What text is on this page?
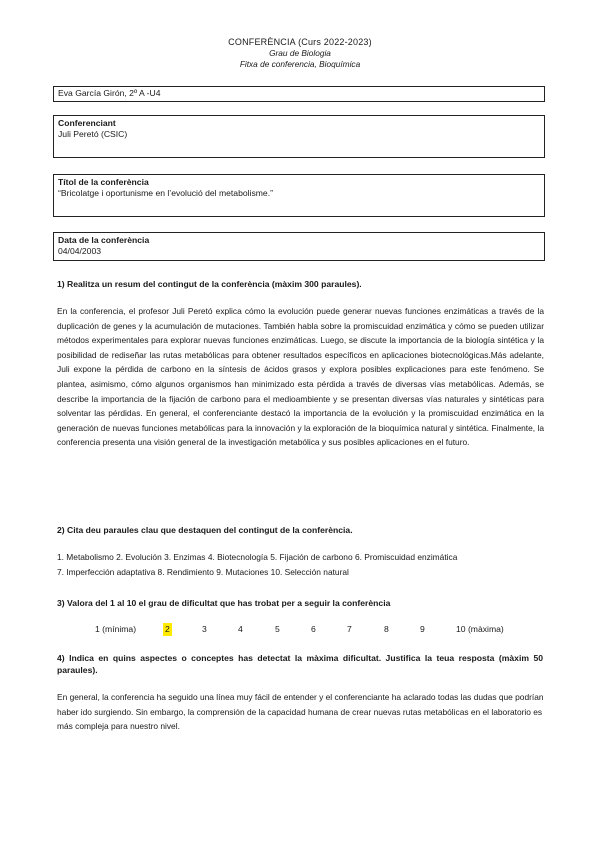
CONFERÈNCIA (Curs 2022-2023)
Grau de Biologia
Fitxa de conferencia, Bioquímica
Eva García Girón, 2º A -U4
Conferenciant
Juli Peretó (CSIC)
Títol de la conferència
“Bricolatge i oportunisme en l’evolució del metabolisme.”
Data de la conferència
04/04/2003
1) Realitza un resum del contingut de la conferència (màxim 300 paraules).

En la conferencia, el profesor Juli Peretó explica cómo la evolución puede generar nuevas funciones enzimáticas a través de la duplicación de genes y la acumulación de mutaciones. También habla sobre la promiscuidad enzimática y cómo se pueden utilizar métodos experimentales para explorar nuevas funciones enzimáticas. Luego, se discute la importancia de la biología sintética y la posibilidad de rediseñar las rutas metabólicas para obtener resultados específicos en aplicaciones biotecnológicas.Más adelante, Juli expone la pérdida de carbono en la síntesis de ácidos grasos y explora posibles explicaciones para este fenómeno. Se plantea, asimismo, cómo algunos organismos han minimizado esta pérdida a través de diversas vías metabólicas. Además, se describe la importancia de la fijación de carbono para el medioambiente y se presentan diversas vías naturales y sintéticas para solventar las pérdidas. En general, el conferenciante destacó la importancia de la evolución y la promiscuidad enzimática en la generación de nuevas funciones metabólicas para la innovación y la exploración de la bioquímica natural y sintética. Finalmente, la conferencia presenta una visión general de la investigación metabólica y sus posibles aplicaciones en el futuro.

2) Cita deu paraules clau que destaquen del contingut de la conferència.
1. Metabolismo 2. Evolución 3. Enzimas 4. Biotecnología 5. Fijación de carbono 6. Promiscuidad enzimática
7. Imperfección adaptativa 8. Rendimiento 9. Mutaciones 10. Selección natural
3) Valora del 1 al 10 el grau de dificultat que has trobat per a seguir la conferència
1 (mínima)	2	3	4	5	6	7	8	9	10 (màxima)
4) Indica en quins aspectes o conceptes has detectat la màxima dificultat. Justifica la teua resposta (màxim 50 paraules).

En general, la conferencia ha seguido una línea muy fácil de entender y el conferenciante ha aclarado todas las dudas que podrían haber ido surgiendo. Sin embargo, la comprensión de la capacidad humana de crear nuevas rutas metabólicas en el laboratorio es más compleja para nuestro nivel.
